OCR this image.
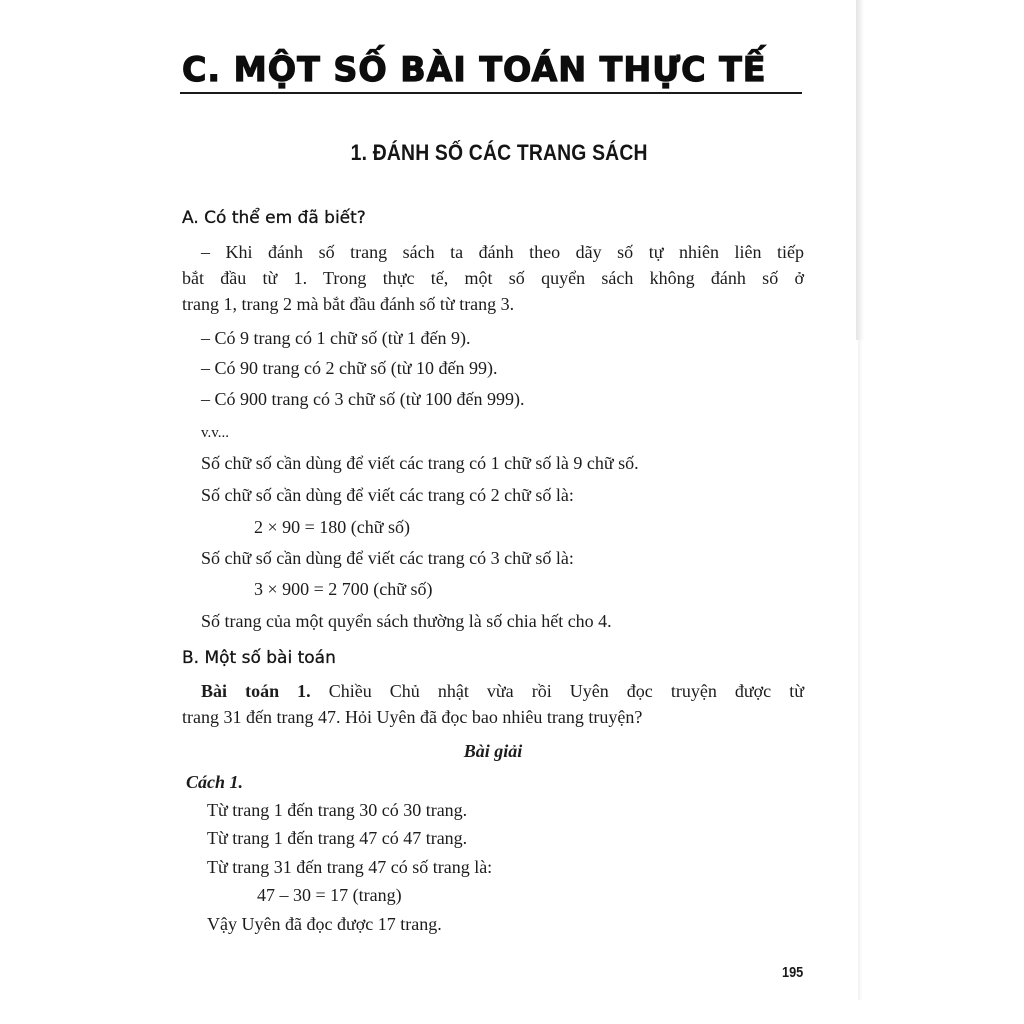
C. MỘT SỐ BÀI TOÁN THỰC TẾ
1. ĐÁNH SỐ CÁC TRANG SÁCH
A. Có thể em đã biết?
– Khi đánh số trang sách ta đánh theo dãy số tự nhiên liên tiếp
bắt đầu từ 1. Trong thực tế, một số quyển sách không đánh số ở
trang 1, trang 2 mà bắt đầu đánh số từ trang 3.
– Có 9 trang có 1 chữ số (từ 1 đến 9).
– Có 90 trang có 2 chữ số (từ 10 đến 99).
– Có 900 trang có 3 chữ số (từ 100 đến 999).
v.v...
Số chữ số cần dùng để viết các trang có 1 chữ số là 9 chữ số.
Số chữ số cần dùng để viết các trang có 2 chữ số là:
2 × 90 = 180 (chữ số)
Số chữ số cần dùng để viết các trang có 3 chữ số là:
3 × 900 = 2 700 (chữ số)
Số trang của một quyển sách thường là số chia hết cho 4.
B. Một số bài toán
Bài toán 1. Chiều Chủ nhật vừa rồi Uyên đọc truyện được từ
trang 31 đến trang 47. Hỏi Uyên đã đọc bao nhiêu trang truyện?
Bài giải
Cách 1.
Từ trang 1 đến trang 30 có 30 trang.
Từ trang 1 đến trang 47 có 47 trang.
Từ trang 31 đến trang 47 có số trang là:
47 – 30 = 17 (trang)
Vậy Uyên đã đọc được 17 trang.
195
